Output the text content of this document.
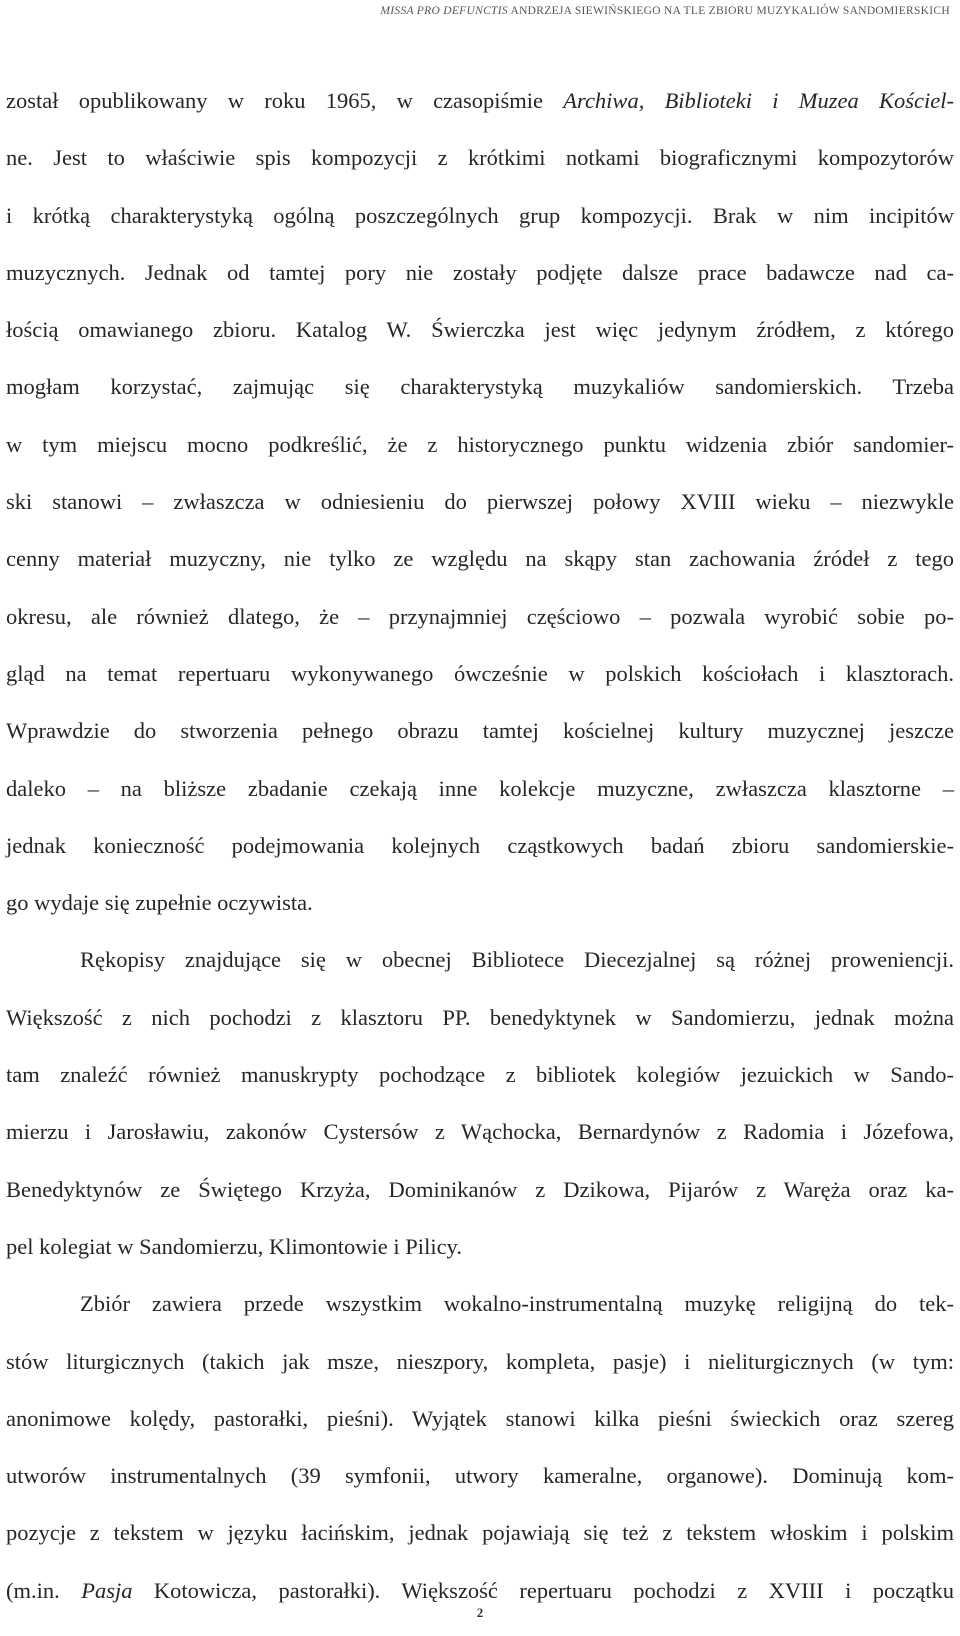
MISSA PRO DEFUNCTIS ANDRZEJA SIEWIŃSKIEGO NA TLE ZBIORU MUZYKALIÓW SANDOMIERSKICH
został opublikowany w roku 1965, w czasopiśmie Archiwa, Biblioteki i Muzea Kościel-
ne. Jest to właściwie spis kompozycji z krótkimi notkami biograficznymi kompozytorów
i krótką charakterystyką ogólną poszczególnych grup kompozycji. Brak w nim incipitów
muzycznych. Jednak od tamtej pory nie zostały podjęte dalsze prace badawcze nad ca-
łością omawianego zbioru. Katalog W. Świerczka jest więc jedynym źródłem, z którego
mogłam korzystać, zajmując się charakterystyką muzykaliów sandomierskich. Trzeba
w tym miejscu mocno podkreślić, że z historycznego punktu widzenia zbiór sandomier-
ski stanowi – zwłaszcza w odniesieniu do pierwszej połowy XVIII wieku – niezwykle
cenny materiał muzyczny, nie tylko ze względu na skąpy stan zachowania źródeł z tego
okresu, ale również dlatego, że – przynajmniej częściowo – pozwala wyrobić sobie po-
gląd na temat repertuaru wykonywanego ówcześnie w polskich kościołach i klasztorach.
Wprawdzie do stworzenia pełnego obrazu tamtej kościelnej kultury muzycznej jeszcze
daleko – na bliższe zbadanie czekają inne kolekcje muzyczne, zwłaszcza klasztorne –
jednak konieczność podejmowania kolejnych cząstkowych badań zbioru sandomierskie-
go wydaje się zupełnie oczywista.
Rękopisy znajdujące się w obecnej Bibliotece Diecezjalnej są różnej proweniencji.
Większość z nich pochodzi z klasztoru PP. benedyktynek w Sandomierzu, jednak można
tam znaleźć również manuskrypty pochodzące z bibliotek kolegiów jezuickich w Sando-
mierzu i Jarosławiu, zakonów Cystersów z Wąchocka, Bernardynów z Radomia i Józefowa,
Benedyktynów ze Świętego Krzyża, Dominikanów z Dzikowa, Pijarów z Waręża oraz ka-
pel kolegiat w Sandomierzu, Klimontowie i Pilicy.
Zbiór zawiera przede wszystkim wokalno-instrumentalną muzykę religijną do tek-
stów liturgicznych (takich jak msze, nieszpory, kompleta, pasje) i nieliturgicznych (w tym:
anonimowe kolędy, pastorałki, pieśni). Wyjątek stanowi kilka pieśni świeckich oraz szereg
utworów instrumentalnych (39 symfonii, utwory kameralne, organowe). Dominują kom-
pozycje z tekstem w języku łacińskim, jednak pojawiają się też z tekstem włoskim i polskim
(m.in. Pasja Kotowicza, pastorałki). Większość repertuaru pochodzi z XVIII i początku
2
